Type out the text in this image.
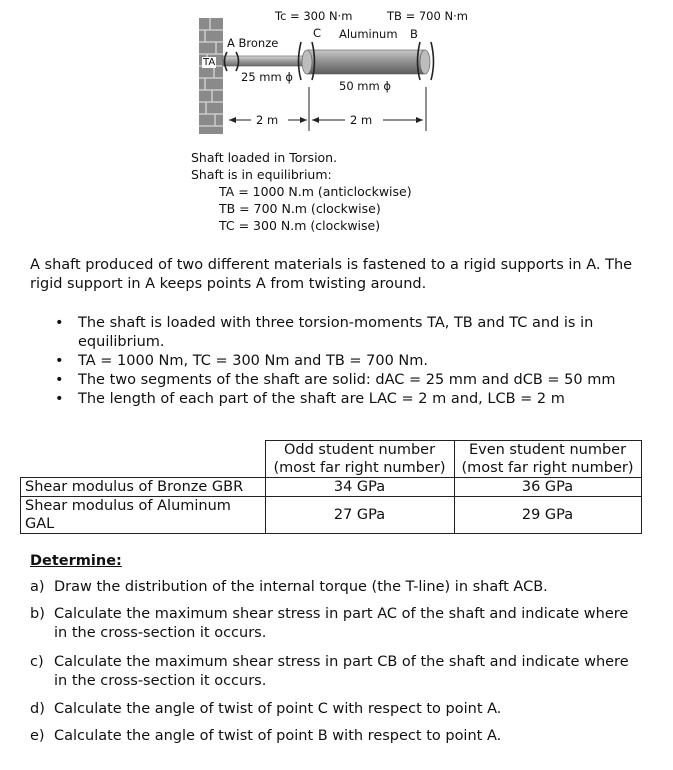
Tc = 300 N·m	TB = 700 N·m
C Aluminum B
A Bronze
TA
25 mm ϕ
50 mm ϕ
2 m	2 m
Shaft loaded in Torsion.
Shaft is in equilibrium:
TA = 1000 N.m (anticlockwise)
TB = 700 N.m (clockwise)
TC = 300 N.m (clockwise)
A shaft produced of two different materials is fastened to a rigid supports in A. The rigid support in A keeps points A from twisting around.
• The shaft is loaded with three torsion-moments TA, TB and TC and is in equilibrium.
• TA = 1000 Nm, TC = 300 Nm and TB = 700 Nm.
• The two segments of the shaft are solid: dAC = 25 mm and dCB = 50 mm
• The length of each part of the shaft are LAC = 2 m and, LCB = 2 m
	Odd student number	Even student number
	(most far right number)	(most far right number)
Shear modulus of Bronze GBR	34 GPa	36 GPa
Shear modulus of Aluminum GAL	27 GPa	29 GPa
Determine:
a) Draw the distribution of the internal torque (the T-line) in shaft ACB.
b) Calculate the maximum shear stress in part AC of the shaft and indicate where in the cross-section it occurs.
c) Calculate the maximum shear stress in part CB of the shaft and indicate where in the cross-section it occurs.
d) Calculate the angle of twist of point C with respect to point A.
e) Calculate the angle of twist of point B with respect to point A.
